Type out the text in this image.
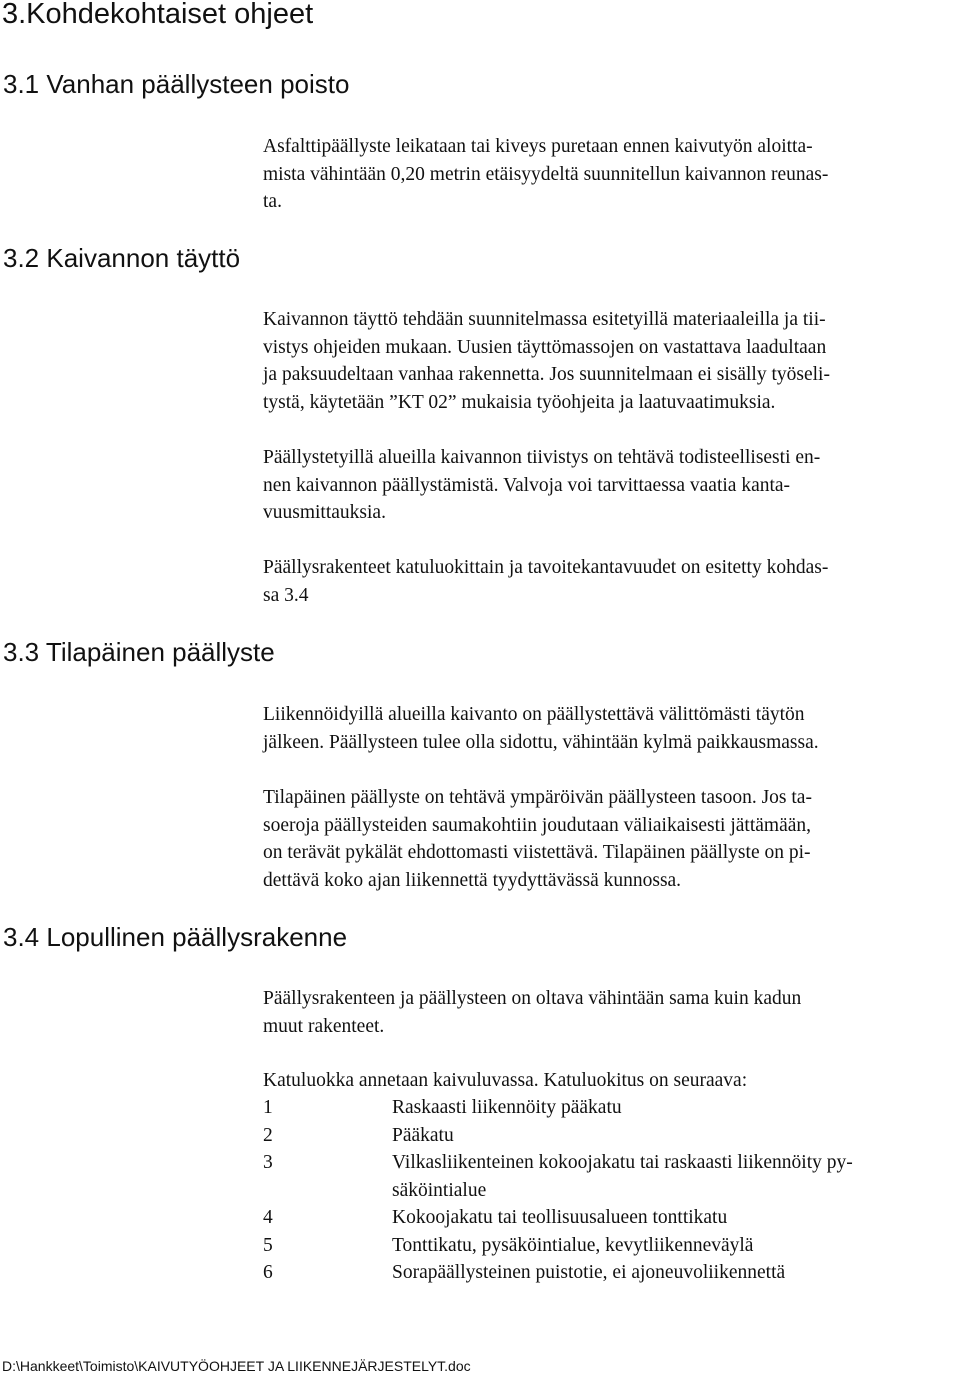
3.Kohdekohtaiset ohjeet
3.1 Vanhan päällysteen poisto
Asfalttipäällyste leikataan tai kiveys puretaan ennen kaivutyön aloitta-
mista vähintään 0,20 metrin etäisyydeltä suunnitellun kaivannon reunas-
ta.
3.2 Kaivannon täyttö
Kaivannon täyttö tehdään suunnitelmassa esitetyillä materiaaleilla ja tii-
vistys ohjeiden mukaan. Uusien täyttömassojen on vastattava laadultaan
ja paksuudeltaan vanhaa rakennetta. Jos suunnitelmaan ei sisälly työseli-
tystä, käytetään ”KT 02” mukaisia työohjeita ja laatuvaatimuksia.
Päällystetyillä alueilla kaivannon tiivistys on tehtävä todisteellisesti en-
nen kaivannon päällystämistä. Valvoja voi tarvittaessa vaatia kanta-
vuusmittauksia.
Päällysrakenteet katuluokittain ja tavoitekantavuudet on esitetty kohdas-
sa 3.4
3.3 Tilapäinen päällyste
Liikennöidyillä alueilla kaivanto on päällystettävä välittömästi täytön
jälkeen. Päällysteen tulee olla sidottu, vähintään kylmä paikkausmassa.
Tilapäinen päällyste on tehtävä ympäröivän päällysteen tasoon. Jos ta-
soeroja päällysteiden saumakohtiin joudutaan väliaikaisesti jättämään,
on terävät pykälät ehdottomasti viistettävä. Tilapäinen päällyste on pi-
dettävä koko ajan liikennettä tyydyttävässä kunnossa.
3.4 Lopullinen päällysrakenne
Päällysrakenteen ja päällysteen on oltava vähintään sama kuin kadun
muut rakenteet.
Katuluokka annetaan kaivuluvassa. Katuluokitus on seuraava:
1	Raskaasti liikennöity pääkatu
2	Pääkatu
3	Vilkasliikenteinen kokoojakatu tai raskaasti liikennöity py-
säköintialue
4	Kokoojakatu tai teollisuusalueen tonttikatu
5	Tonttikatu, pysäköintialue, kevytliikenneväylä
6	Sorapäällysteinen puistotie, ei ajoneuvoliikennettä
D:\Hankkeet\Toimisto\KAIVUTYÖOHJEET JA LIIKENNEJÄRJESTELYT.doc
